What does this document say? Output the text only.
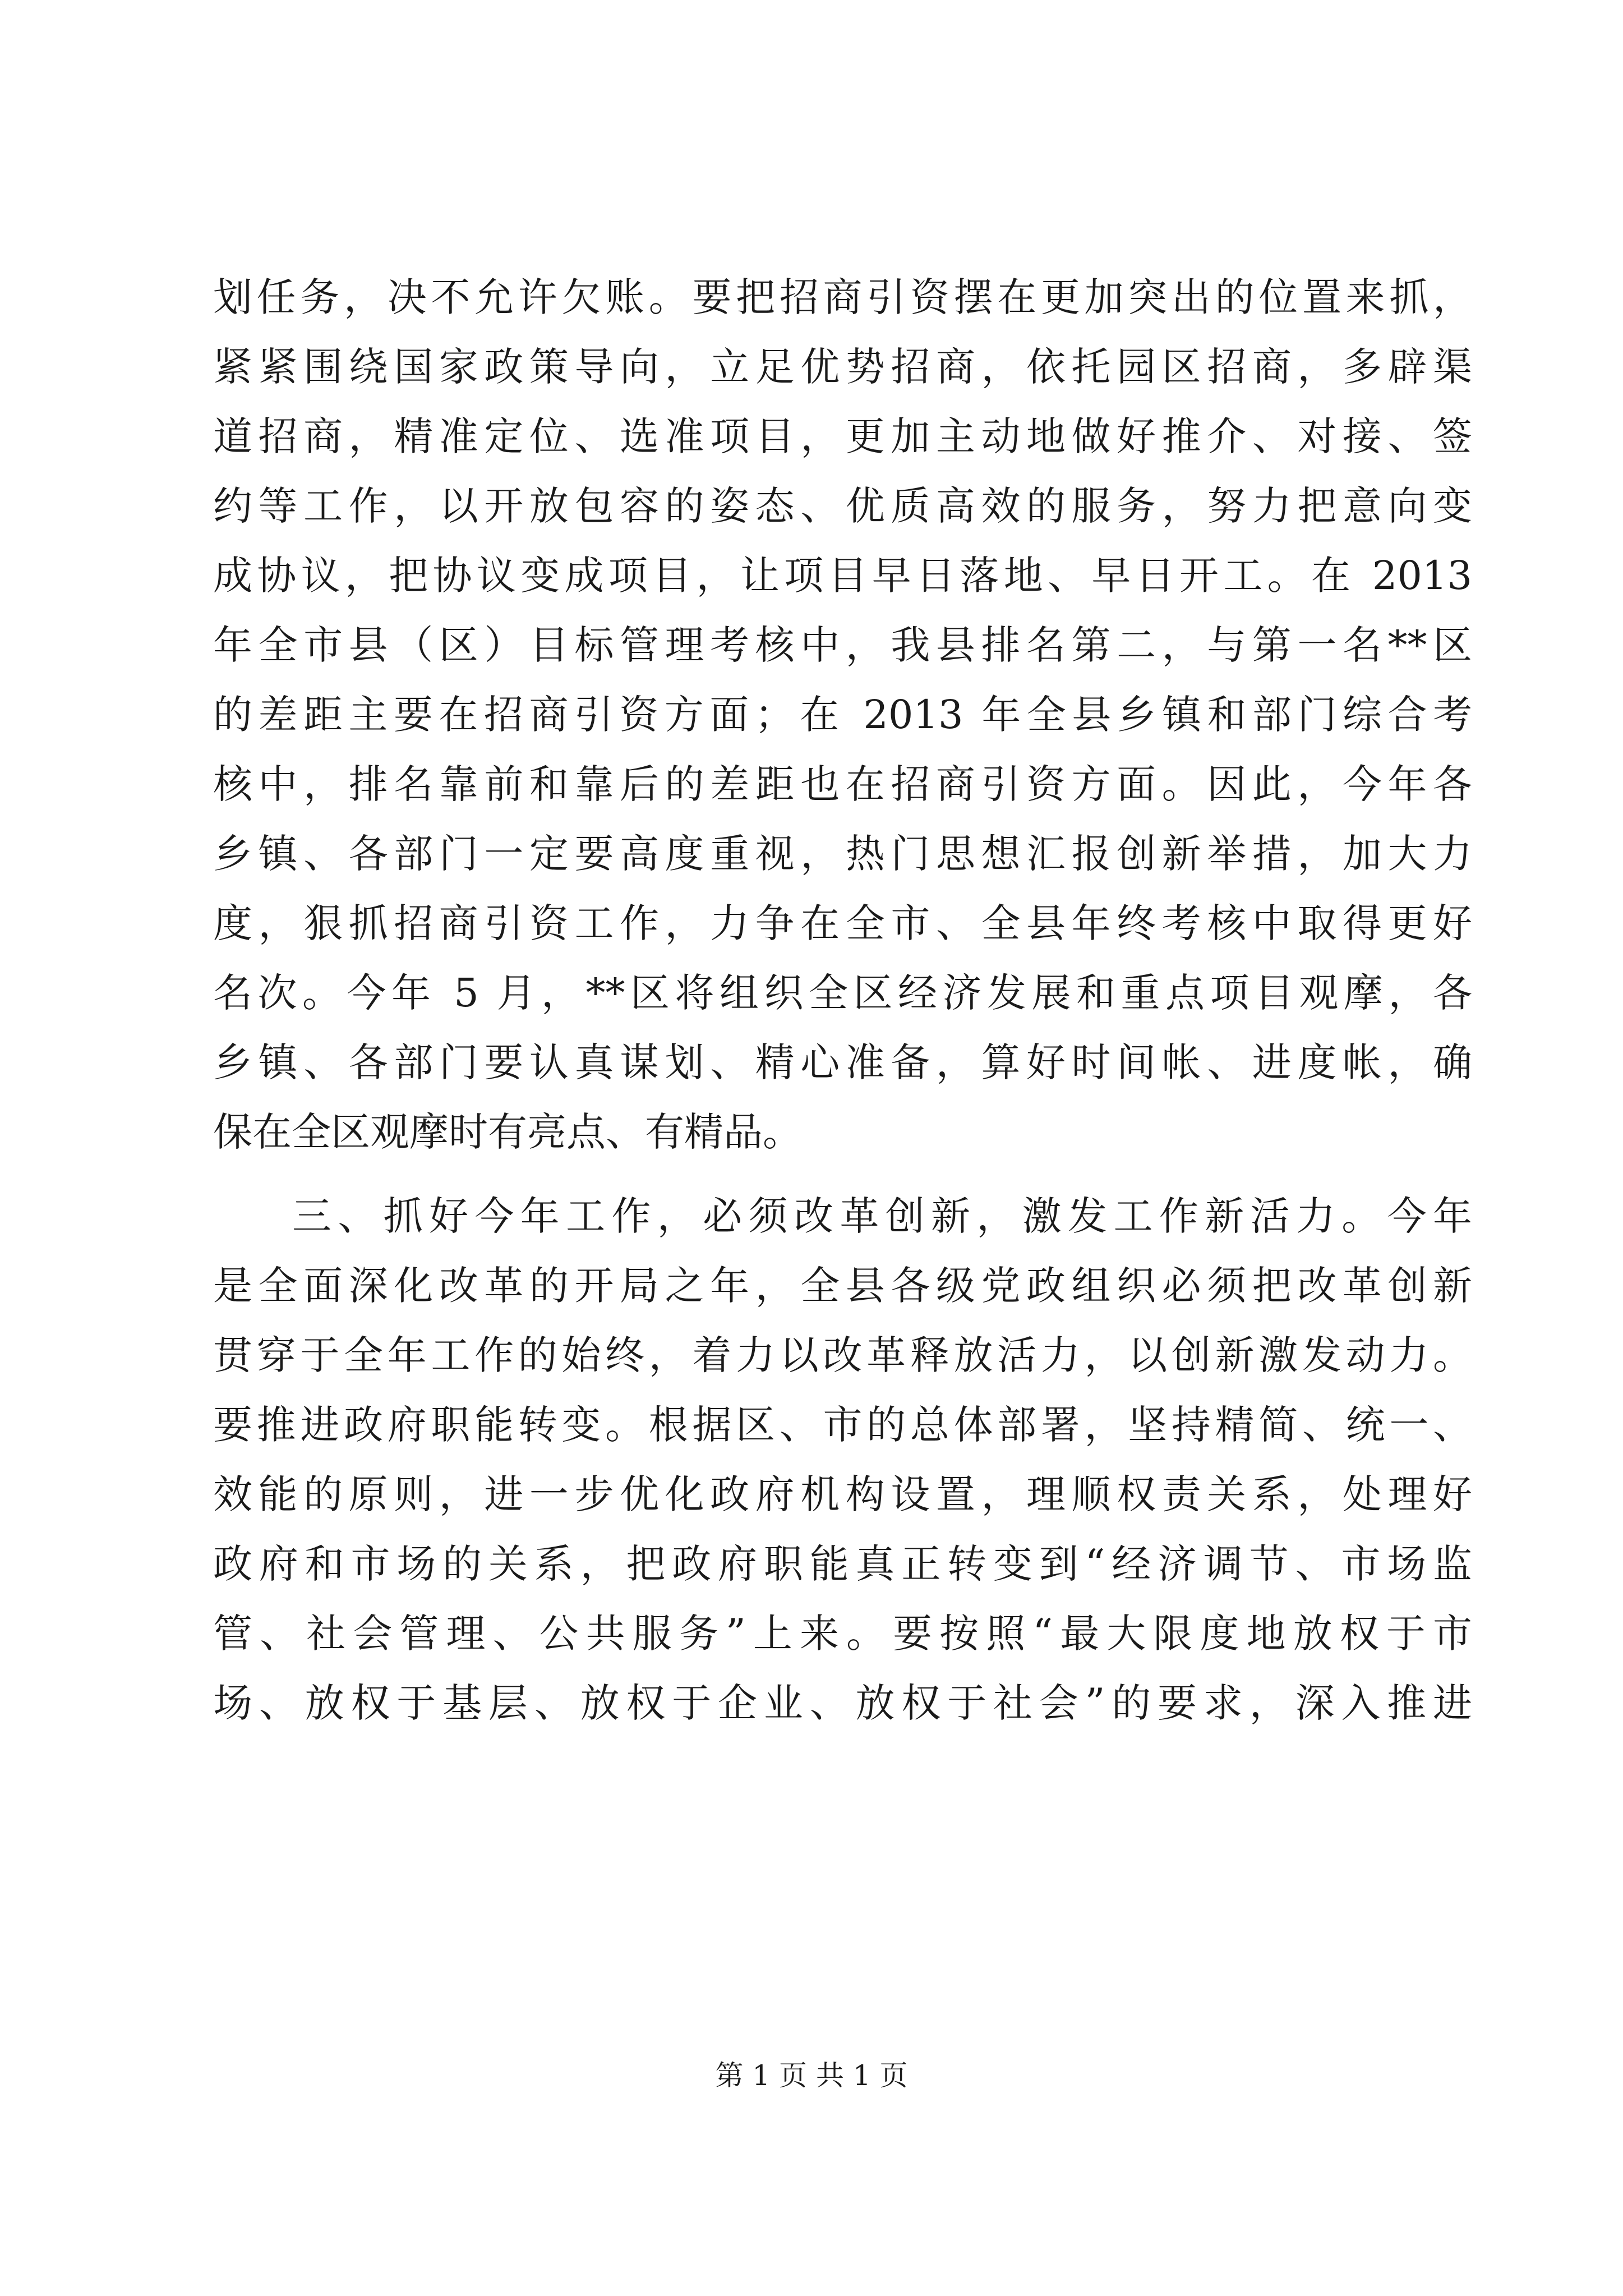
划任务，决不允许欠账。要把招商引资摆在更加突出的位置来抓，
紧紧围绕国家政策导向，立足优势招商，依托园区招商，多辟渠
道招商，精准定位、选准项目，更加主动地做好推介、对接、签
约等工作，以开放包容的姿态、优质高效的服务，努力把意向变
成协议，把协议变成项目，让项目早日落地、早日开工。在 2013
年全市县（区）目标管理考核中，我县排名第二，与第一名**区
的差距主要在招商引资方面；在 2013 年全县乡镇和部门综合考
核中，排名靠前和靠后的差距也在招商引资方面。因此，今年各
乡镇、各部门一定要高度重视，热门思想汇报创新举措，加大力
度，狠抓招商引资工作，力争在全市、全县年终考核中取得更好
名次。今年 5 月，**区将组织全区经济发展和重点项目观摩，各
乡镇、各部门要认真谋划、精心准备，算好时间帐、进度帐，确
保在全区观摩时有亮点、有精品。
三、抓好今年工作，必须改革创新，激发工作新活力。今年
是全面深化改革的开局之年，全县各级党政组织必须把改革创新
贯穿于全年工作的始终，着力以改革释放活力，以创新激发动力。
要推进政府职能转变。根据区、市的总体部署，坚持精简、统一、
效能的原则，进一步优化政府机构设置，理顺权责关系，处理好
政府和市场的关系，把政府职能真正转变到“经济调节、市场监
管、社会管理、公共服务”上来。要按照“最大限度地放权于市
场、放权于基层、放权于企业、放权于社会”的要求，深入推进
第 1 页 共 1 页
